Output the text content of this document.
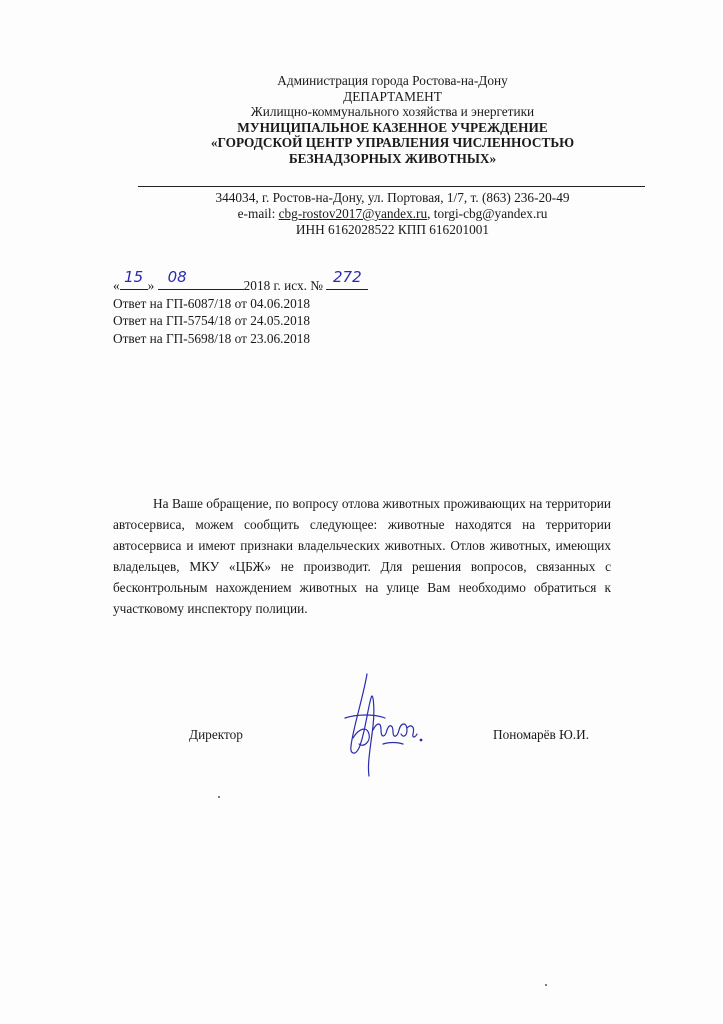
Администрация города Ростова-на-Дону
ДЕПАРТАМЕНТ
Жилищно-коммунального хозяйства и энергетики
МУНИЦИПАЛЬНОЕ КАЗЕННОЕ УЧРЕЖДЕНИЕ
«ГОРОДСКОЙ ЦЕНТР УПРАВЛЕНИЯ ЧИСЛЕННОСТЬЮ
БЕЗНАДЗОРНЫХ ЖИВОТНЫХ»
344034, г. Ростов-на-Дону, ул. Портовая, 1/7, т. (863) 236-20-49
e-mail: cbg-rostov2017@yandex.ru, torgi-cbg@yandex.ru
ИНН 6162028522 КПП 616201001
« 15 » 08	2018 г. исх. № 272
Ответ на ГП-6087/18 от 04.06.2018
Ответ на ГП-5754/18 от 24.05.2018
Ответ на ГП-5698/18 от 23.06.2018

На Ваше обращение, по вопросу отлова животных проживающих на территории автосервиса, можем сообщить следующее: животные находятся на территории автосервиса и имеют признаки владельческих животных. Отлов животных, имеющих владельцев, МКУ «ЦБЖ» не производит. Для решения вопросов, связанных с бесконтрольным нахождением животных на улице Вам необходимо обратиться к участковому инспектору полиции.

Директор	Пономарёв Ю.И.
